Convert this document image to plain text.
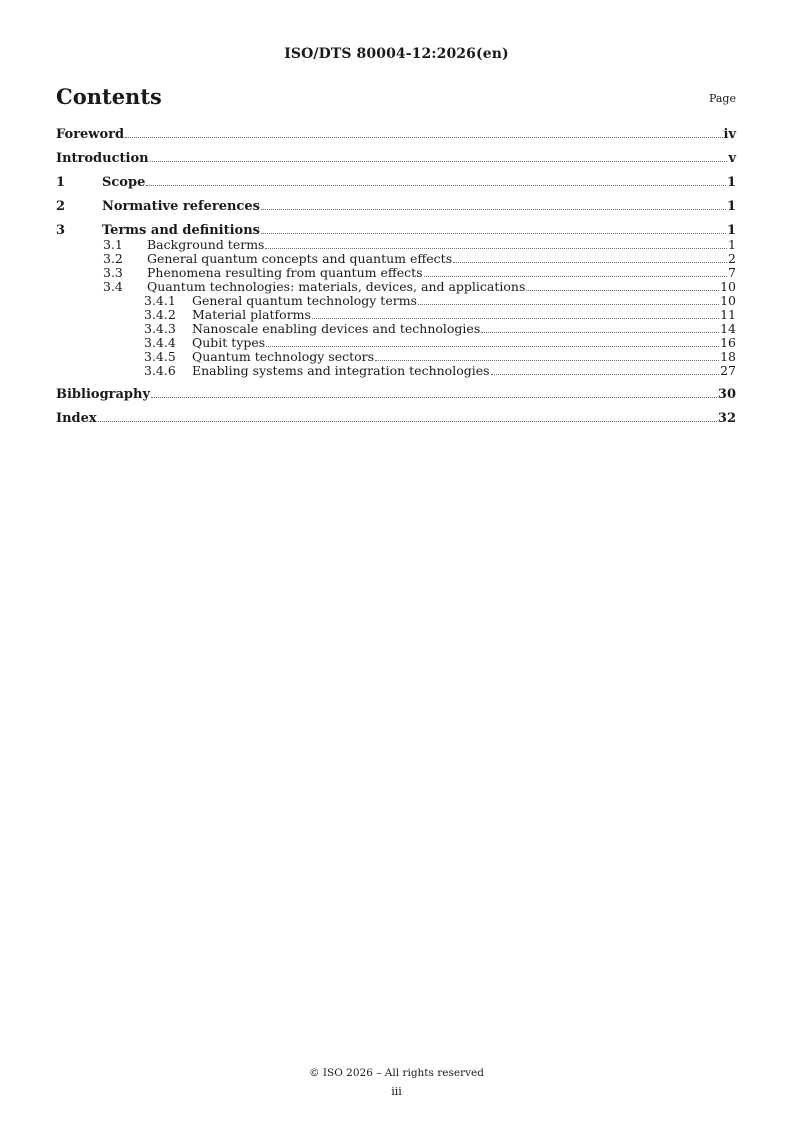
ISO/DTS 80004-12:2026(en)
Contents	Page
Foreword	iv
Introduction	v
1	Scope	1
2	Normative references	1
3	Terms and definitions	1
3.1	Background terms	1
3.2	General quantum concepts and quantum effects	2
3.3	Phenomena resulting from quantum effects	7
3.4	Quantum technologies: materials, devices, and applications	10
3.4.1	General quantum technology terms	10
3.4.2	Material platforms	11
3.4.3	Nanoscale enabling devices and technologies	14
3.4.4	Qubit types	16
3.4.5	Quantum technology sectors	18
3.4.6	Enabling systems and integration technologies	27
Bibliography	30
Index	32
© ISO 2026 – All rights reserved
iii
